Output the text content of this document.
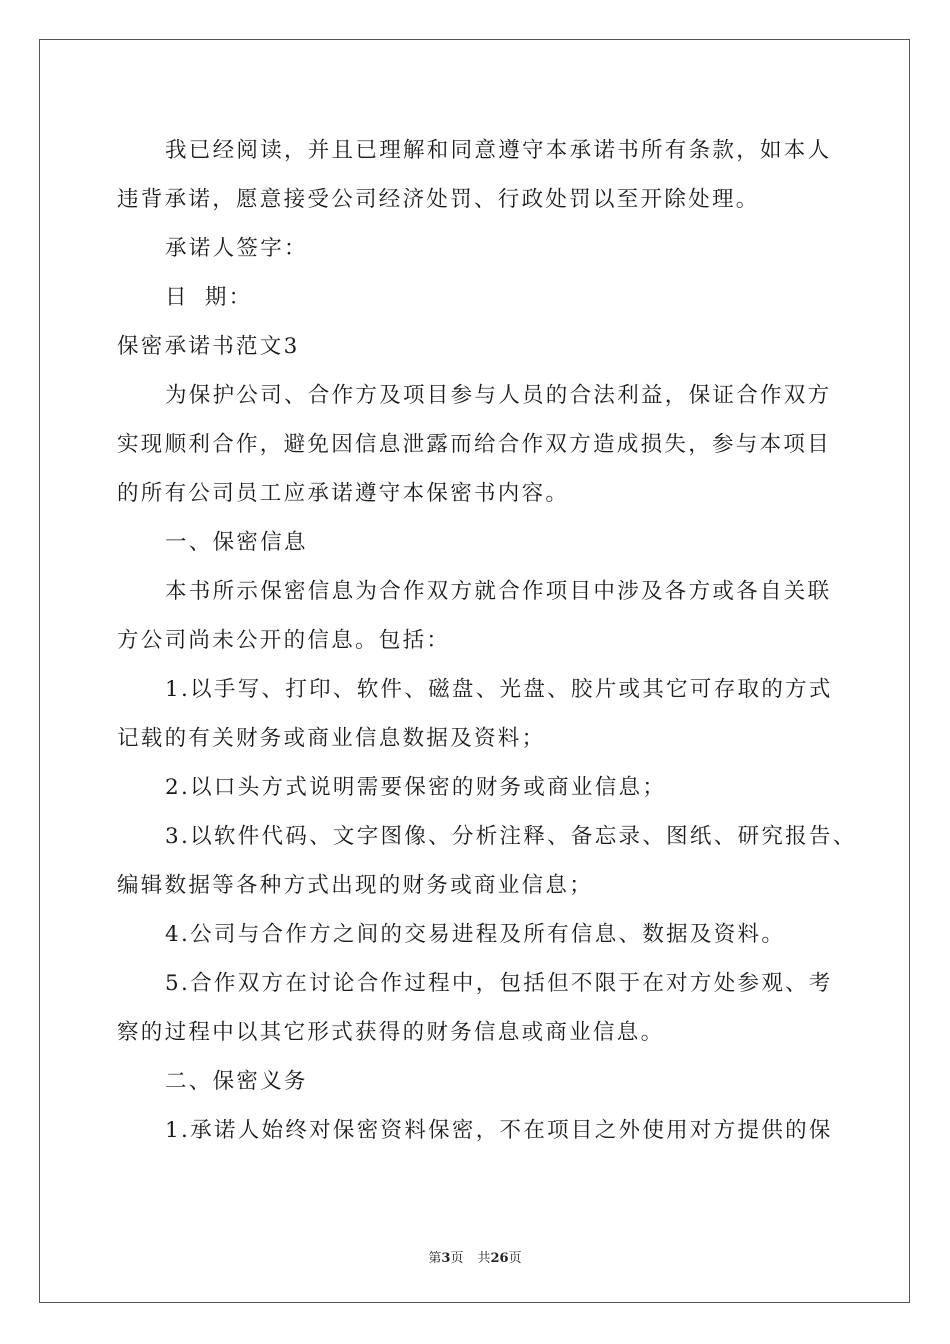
我已经阅读，并且已理解和同意遵守本承诺书所有条款，如本人
违背承诺，愿意接受公司经济处罚、行政处罚以至开除处理。
承诺人签字：
日 期：
保密承诺书范文3
为保护公司、合作方及项目参与人员的合法利益，保证合作双方
实现顺利合作，避免因信息泄露而给合作双方造成损失，参与本项目
的所有公司员工应承诺遵守本保密书内容。
一、保密信息
本书所示保密信息为合作双方就合作项目中涉及各方或各自关联
方公司尚未公开的信息。包括：
1.以手写、打印、软件、磁盘、光盘、胶片或其它可存取的方式
记载的有关财务或商业信息数据及资料；
2.以口头方式说明需要保密的财务或商业信息；
3.以软件代码、文字图像、分析注释、备忘录、图纸、研究报告、
编辑数据等各种方式出现的财务或商业信息；
4.公司与合作方之间的交易进程及所有信息、数据及资料。
5.合作双方在讨论合作过程中，包括但不限于在对方处参观、考
察的过程中以其它形式获得的财务信息或商业信息。
二、保密义务
1.承诺人始终对保密资料保密，不在项目之外使用对方提供的保
第3页 共26页
